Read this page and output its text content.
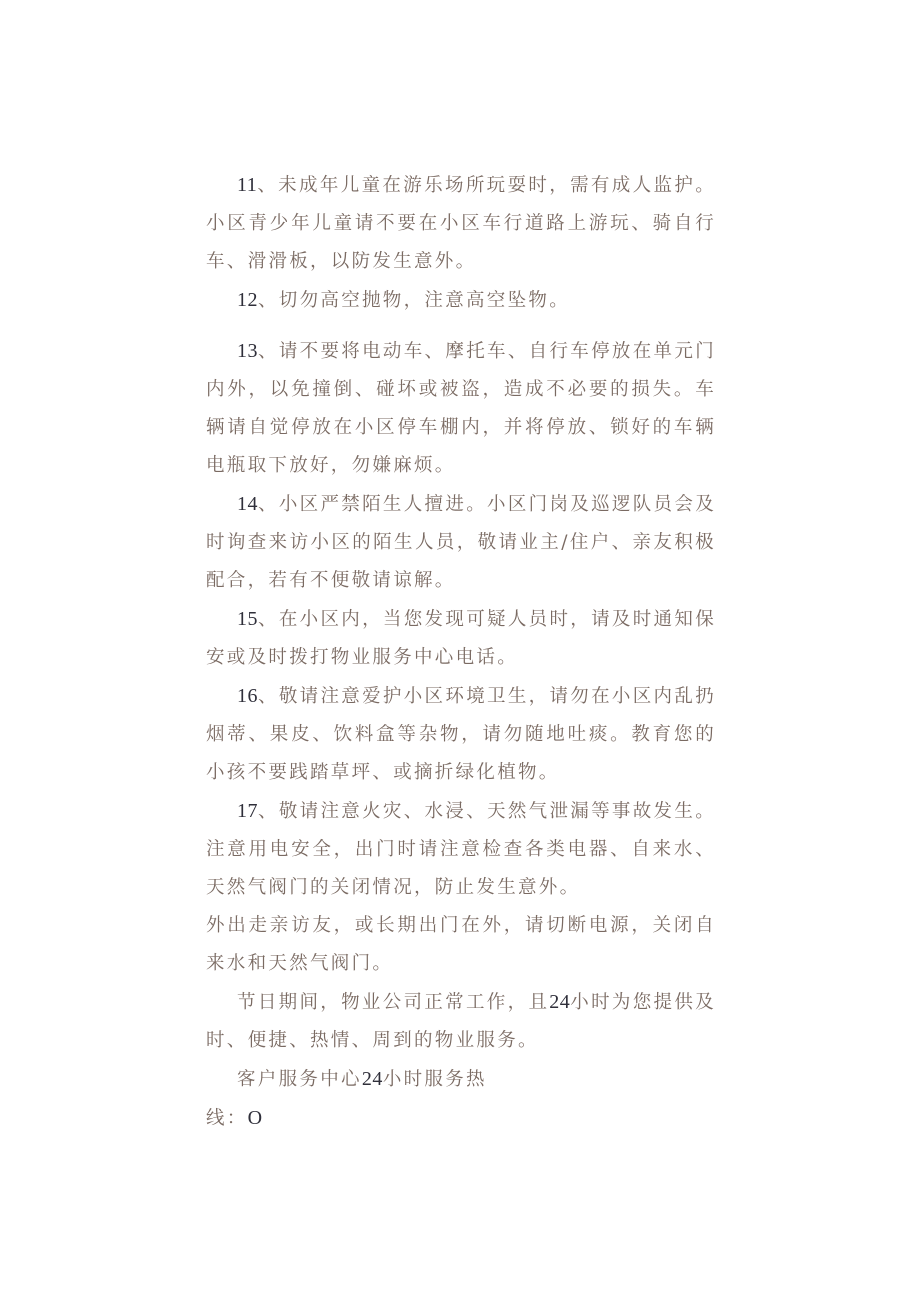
11、未成年儿童在游乐场所玩耍时，需有成人监护。小区青少年儿童请不要在小区车行道路上游玩、骑自行车、滑滑板，以防发生意外。

12、切勿高空抛物，注意高空坠物。

13、请不要将电动车、摩托车、自行车停放在单元门内外，以免撞倒、碰坏或被盗，造成不必要的损失。车辆请自觉停放在小区停车棚内，并将停放、锁好的车辆电瓶取下放好，勿嫌麻烦。

14、小区严禁陌生人擅进。小区门岗及巡逻队员会及时询查来访小区的陌生人员，敬请业主/住户、亲友积极配合，若有不便敬请谅解。

15、在小区内，当您发现可疑人员时，请及时通知保安或及时拨打物业服务中心电话。

16、敬请注意爱护小区环境卫生，请勿在小区内乱扔烟蒂、果皮、饮料盒等杂物，请勿随地吐痰。教育您的小孩不要践踏草坪、或摘折绿化植物。

17、敬请注意火灾、水浸、天然气泄漏等事故发生。注意用电安全，出门时请注意检查各类电器、自来水、天然气阀门的关闭情况，防止发生意外。

外出走亲访友，或长期出门在外，请切断电源，关闭自来水和天然气阀门。

节日期间，物业公司正常工作，且24小时为您提供及时、便捷、热情、周到的物业服务。

客户服务中心24小时服务热
线：O
